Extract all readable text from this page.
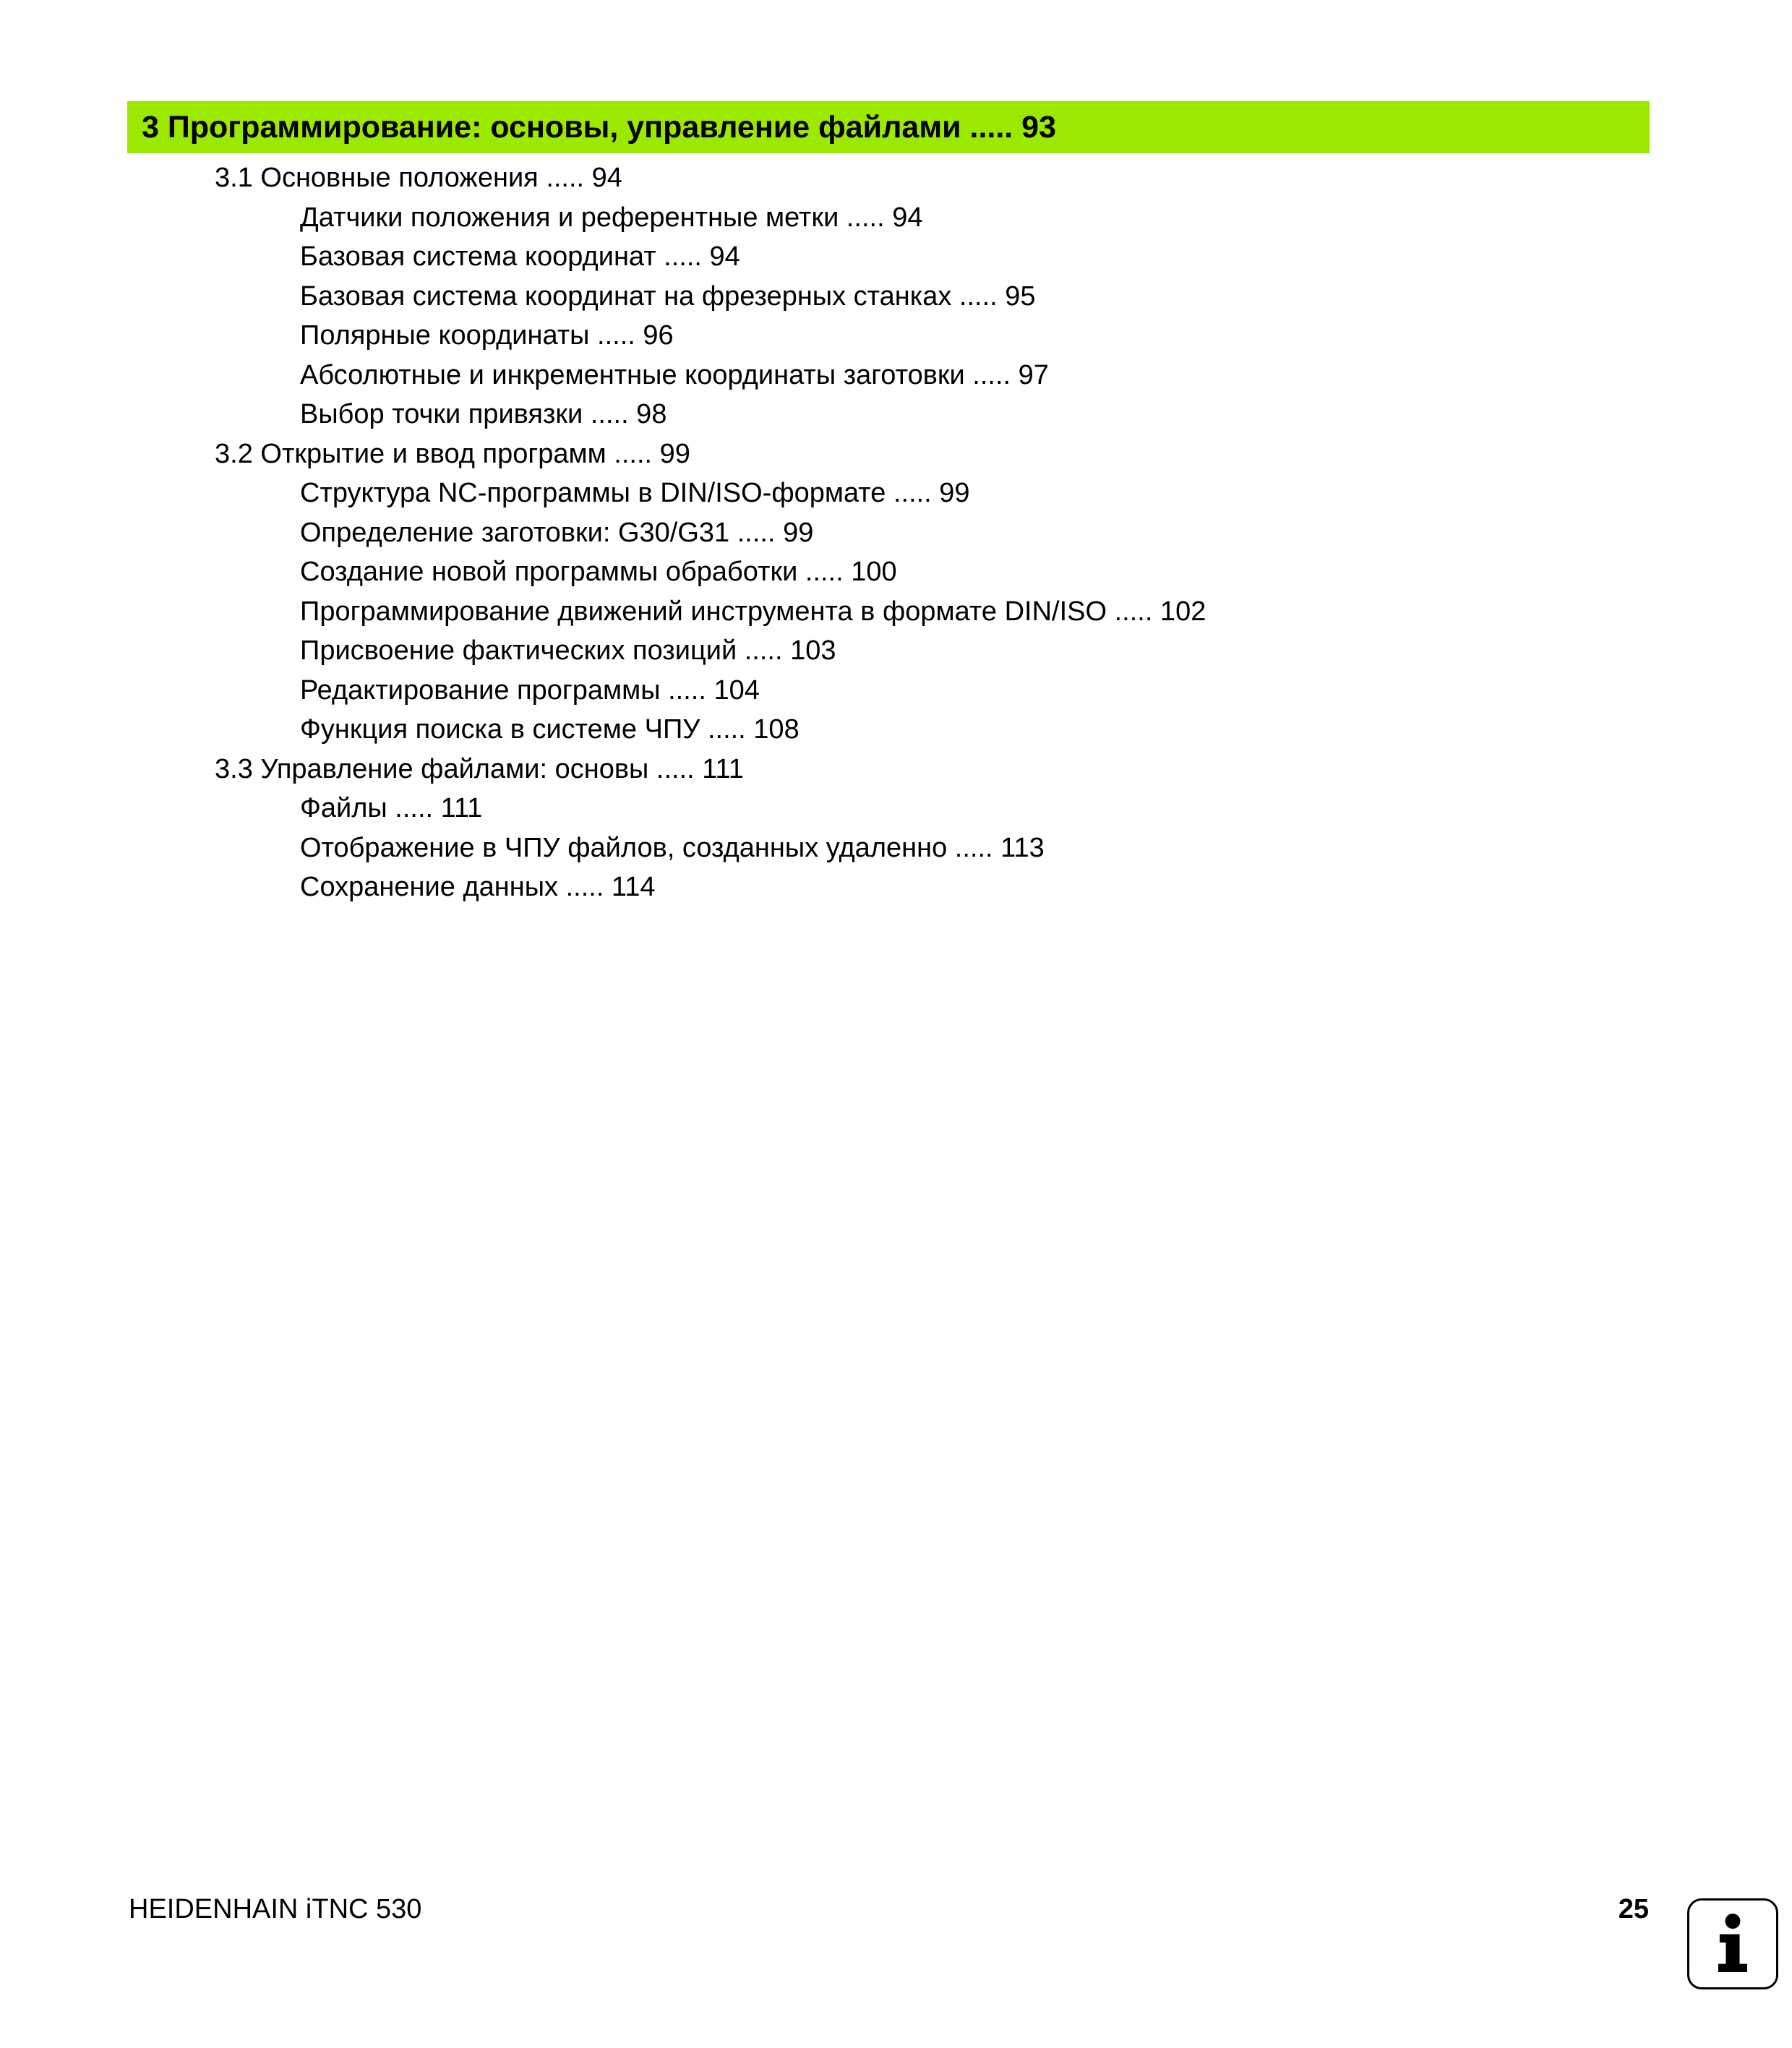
3 Программирование: основы, управление файлами ..... 93
3.1 Основные положения ..... 94
Датчики положения и референтные метки ..... 94
Базовая система координат ..... 94
Базовая система координат на фрезерных станках ..... 95
Полярные координаты ..... 96
Абсолютные и инкрементные координаты заготовки ..... 97
Выбор точки привязки ..... 98
3.2 Открытие и ввод программ ..... 99
Структура NC-программы в DIN/ISO-формате ..... 99
Определение заготовки: G30/G31 ..... 99
Создание новой программы обработки ..... 100
Программирование движений инструмента в формате DIN/ISO ..... 102
Присвоение фактических позиций ..... 103
Редактирование программы ..... 104
Функция поиска в системе ЧПУ ..... 108
3.3 Управление файлами: основы ..... 111
Файлы ..... 111
Отображение в ЧПУ файлов, созданных удаленно ..... 113
Сохранение данных ..... 114
HEIDENHAIN iTNC 530	25
